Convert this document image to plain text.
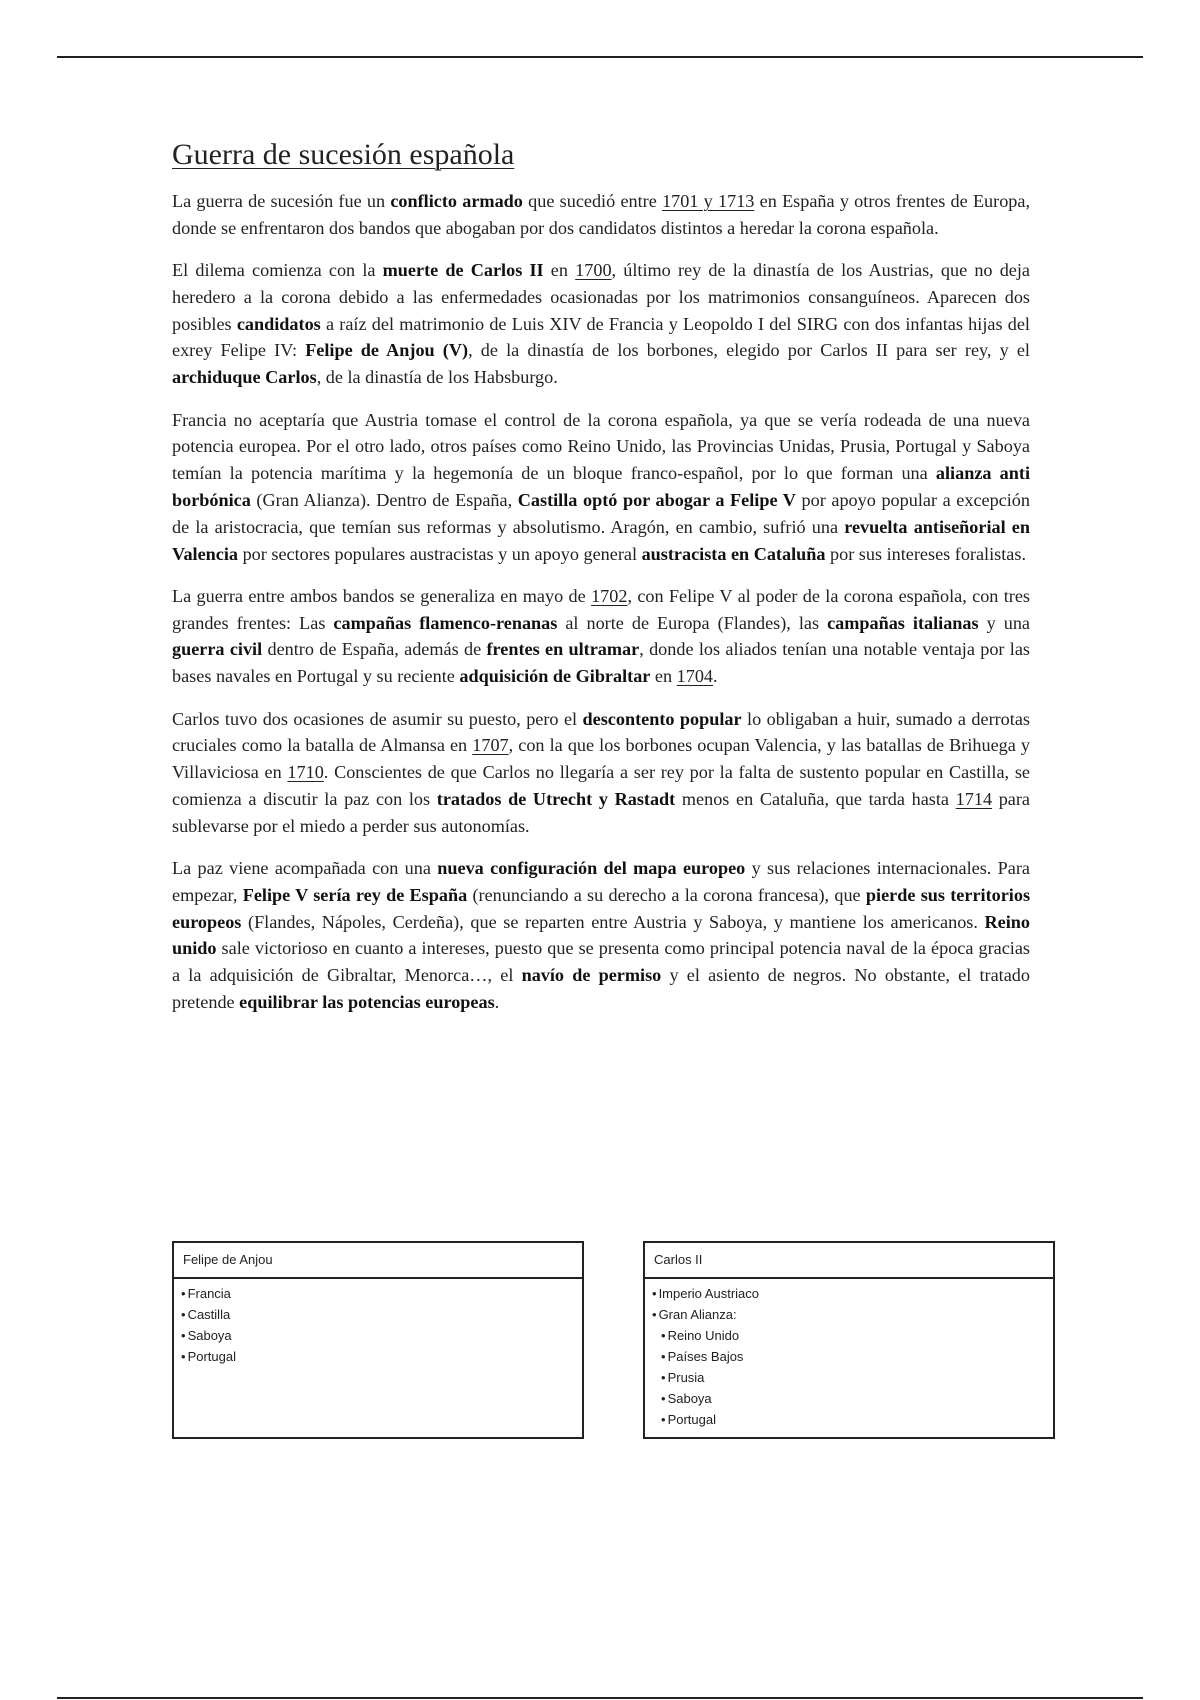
Guerra de sucesión española

La guerra de sucesión fue un conflicto armado que sucedió entre 1701 y 1713 en España y otros frentes de Europa, donde se enfrentaron dos bandos que abogaban por dos candidatos distintos a heredar la corona española.

El dilema comienza con la muerte de Carlos II en 1700, último rey de la dinastía de los Austrias, que no deja heredero a la corona debido a las enfermedades ocasionadas por los matrimonios consanguíneos. Aparecen dos posibles candidatos a raíz del matrimonio de Luis XIV de Francia y Leopoldo I del SIRG con dos infantas hijas del exrey Felipe IV: Felipe de Anjou (V), de la dinastía de los borbones, elegido por Carlos II para ser rey, y el archiduque Carlos, de la dinastía de los Habsburgo.

Francia no aceptaría que Austria tomase el control de la corona española, ya que se vería rodeada de una nueva potencia europea. Por el otro lado, otros países como Reino Unido, las Provincias Unidas, Prusia, Portugal y Saboya temían la potencia marítima y la hegemonía de un bloque franco-español, por lo que forman una alianza anti borbónica (Gran Alianza). Dentro de España, Castilla optó por abogar a Felipe V por apoyo popular a excepción de la aristocracia, que temían sus reformas y absolutismo. Aragón, en cambio, sufrió una revuelta antiseñorial en Valencia por sectores populares austracistas y un apoyo general austracista en Cataluña por sus intereses foralistas.

La guerra entre ambos bandos se generaliza en mayo de 1702, con Felipe V al poder de la corona española, con tres grandes frentes: Las campañas flamenco-renanas al norte de Europa (Flandes), las campañas italianas y una guerra civil dentro de España, además de frentes en ultramar, donde los aliados tenían una notable ventaja por las bases navales en Portugal y su reciente adquisición de Gibraltar en 1704.

Carlos tuvo dos ocasiones de asumir su puesto, pero el descontento popular lo obligaban a huir, sumado a derrotas cruciales como la batalla de Almansa en 1707, con la que los borbones ocupan Valencia, y las batallas de Brihuega y Villaviciosa en 1710. Conscientes de que Carlos no llegaría a ser rey por la falta de sustento popular en Castilla, se comienza a discutir la paz con los tratados de Utrecht y Rastadt menos en Cataluña, que tarda hasta 1714 para sublevarse por el miedo a perder sus autonomías.

La paz viene acompañada con una nueva configuración del mapa europeo y sus relaciones internacionales. Para empezar, Felipe V sería rey de España (renunciando a su derecho a la corona francesa), que pierde sus territorios europeos (Flandes, Nápoles, Cerdeña), que se reparten entre Austria y Saboya, y mantiene los americanos. Reino unido sale victorioso en cuanto a intereses, puesto que se presenta como principal potencia naval de la época gracias a la adquisición de Gibraltar, Menorca…, el navío de permiso y el asiento de negros. No obstante, el tratado pretende equilibrar las potencias europeas.

Felipe de Anjou
• Francia
• Castilla
• Saboya
• Portugal
Carlos II
• Imperio Austriaco
• Gran Alianza:
• Reino Unido
• Países Bajos
• Prusia
• Saboya
• Portugal
